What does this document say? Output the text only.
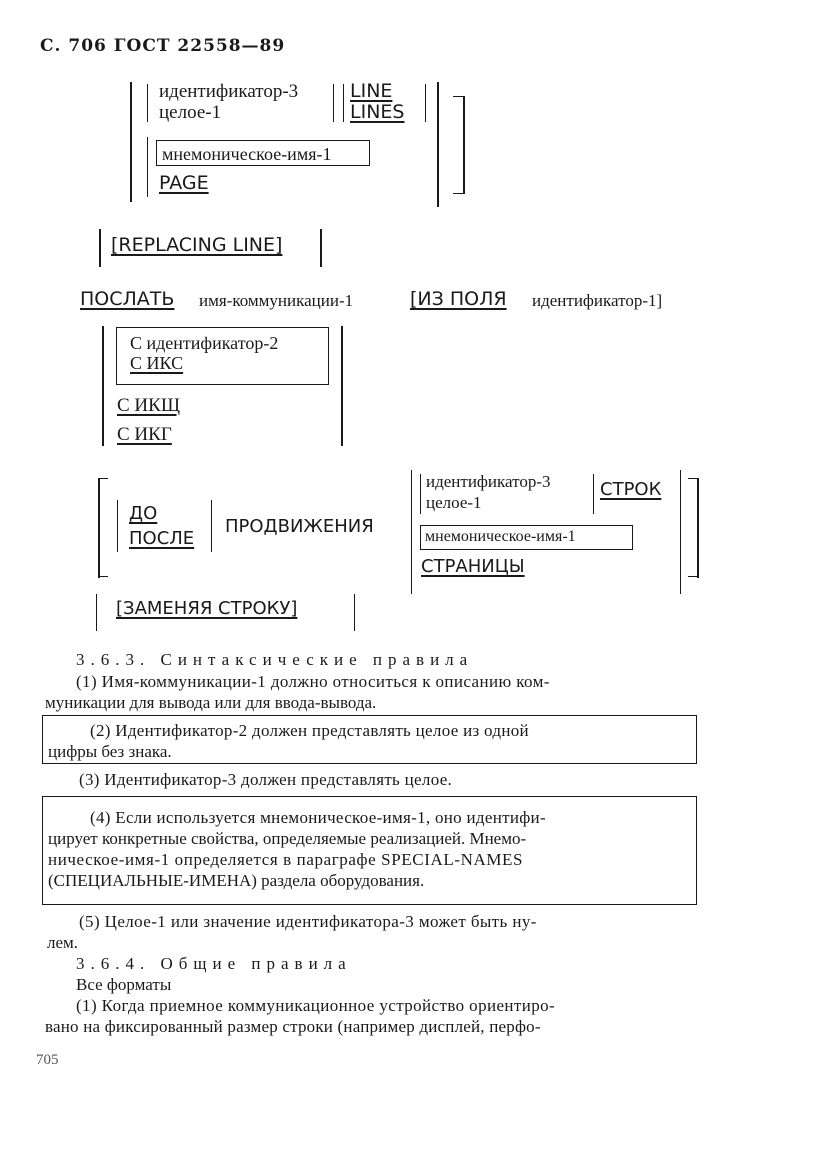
С. 706 ГОСТ 22558—89
идентификатор-3
целое-1
LINE
LINES
мнемоническое-имя-1
PAGE
[REPLACING LINE]
ПОСЛАТЬ имя-коммуникации-1	[ИЗ ПОЛЯ идентификатор-1]
С идентификатор-2
С ИКС
С ИКЩ
С ИКГ
ДО
ПОСЛЕ
ПРОДВИЖЕНИЯ
идентификатор-3
целое-1
СТРОК
мнемоническое-имя-1
СТРАНИЦЫ
[ЗАМЕНЯЯ СТРОКУ]
3.6.3. Синтаксические правила
(1) Имя-коммуникации-1 должно относиться к описанию ком-
муникации для вывода или для ввода-вывода.
(2) Идентификатор-2 должен представлять целое из одной
цифры без знака.
(3) Идентификатор-3 должен представлять целое.
(4) Если используется мнемоническое-имя-1, оно идентифи-
цирует конкретные свойства, определяемые реализацией. Мнемо-
ническое-имя-1 определяется в параграфе SPECIAL-NAMES
(СПЕЦИАЛЬНЫЕ-ИМЕНА) раздела оборудования.
(5) Целое-1 или значение идентификатора-3 может быть ну-
лем.
3.6.4. Общие правила
Все форматы
(1) Когда приемное коммуникационное устройство ориентиро-
вано на фиксированный размер строки (например дисплей, перфо-
705
